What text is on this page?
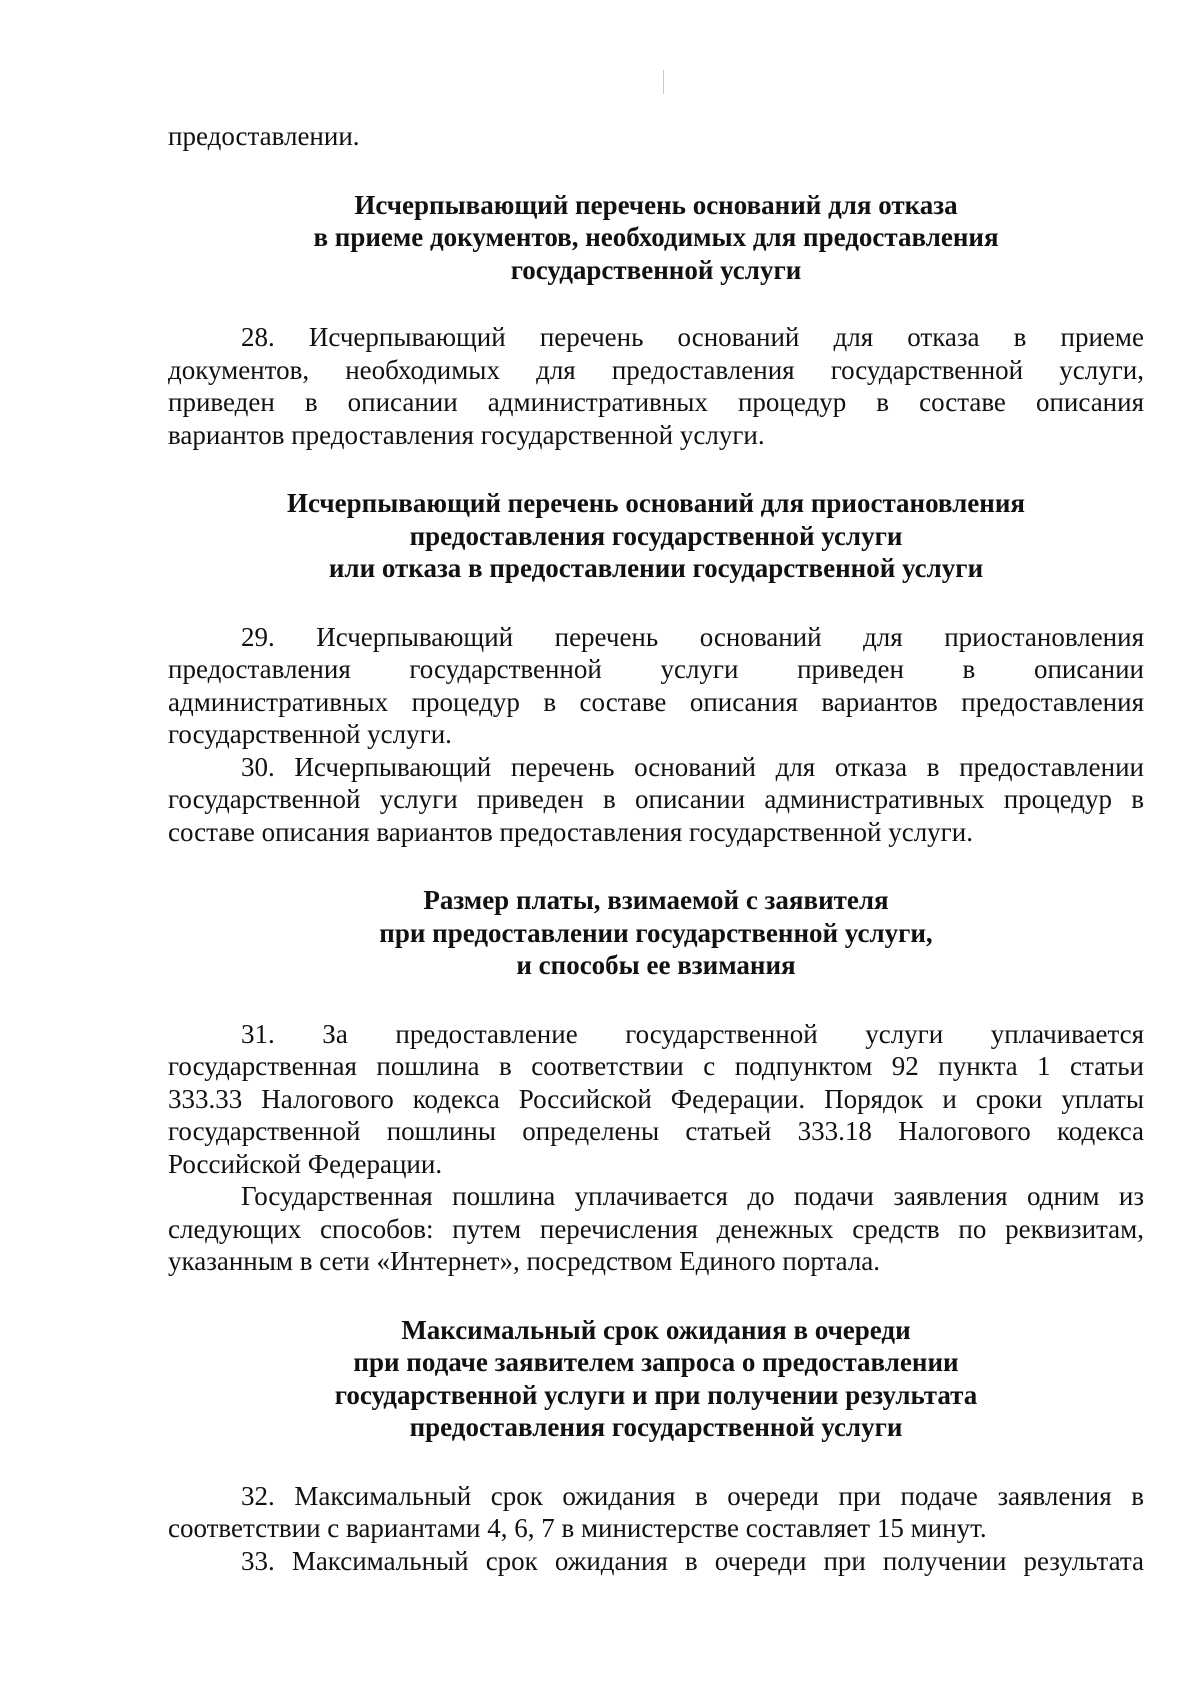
предоставлении.
Исчерпывающий перечень оснований для отказа
в приеме документов, необходимых для предоставления
государственной услуги
28. Исчерпывающий перечень оснований для отказа в приеме
документов, необходимых для предоставления государственной услуги,
приведен в описании административных процедур в составе описания
вариантов предоставления государственной услуги.
Исчерпывающий перечень оснований для приостановления
предоставления государственной услуги
или отказа в предоставлении государственной услуги
29. Исчерпывающий перечень оснований для приостановления
предоставления государственной услуги приведен в описании
административных процедур в составе описания вариантов предоставления
государственной услуги.
30. Исчерпывающий перечень оснований для отказа в предоставлении
государственной услуги приведен в описании административных процедур в
составе описания вариантов предоставления государственной услуги.
Размер платы, взимаемой с заявителя
при предоставлении государственной услуги,
и способы ее взимания
31. За предоставление государственной услуги уплачивается
государственная пошлина в соответствии с подпунктом 92 пункта 1 статьи
333.33 Налогового кодекса Российской Федерации. Порядок и сроки уплаты
государственной пошлины определены статьей 333.18 Налогового кодекса
Российской Федерации.
Государственная пошлина уплачивается до подачи заявления одним из
следующих способов: путем перечисления денежных средств по реквизитам,
указанным в сети «Интернет», посредством Единого портала.
Максимальный срок ожидания в очереди
при подаче заявителем запроса о предоставлении
государственной услуги и при получении результата
предоставления государственной услуги
32. Максимальный срок ожидания в очереди при подаче заявления в
соответствии с вариантами 4, 6, 7 в министерстве составляет 15 минут.
33. Максимальный срок ожидания в очереди при получении результата
